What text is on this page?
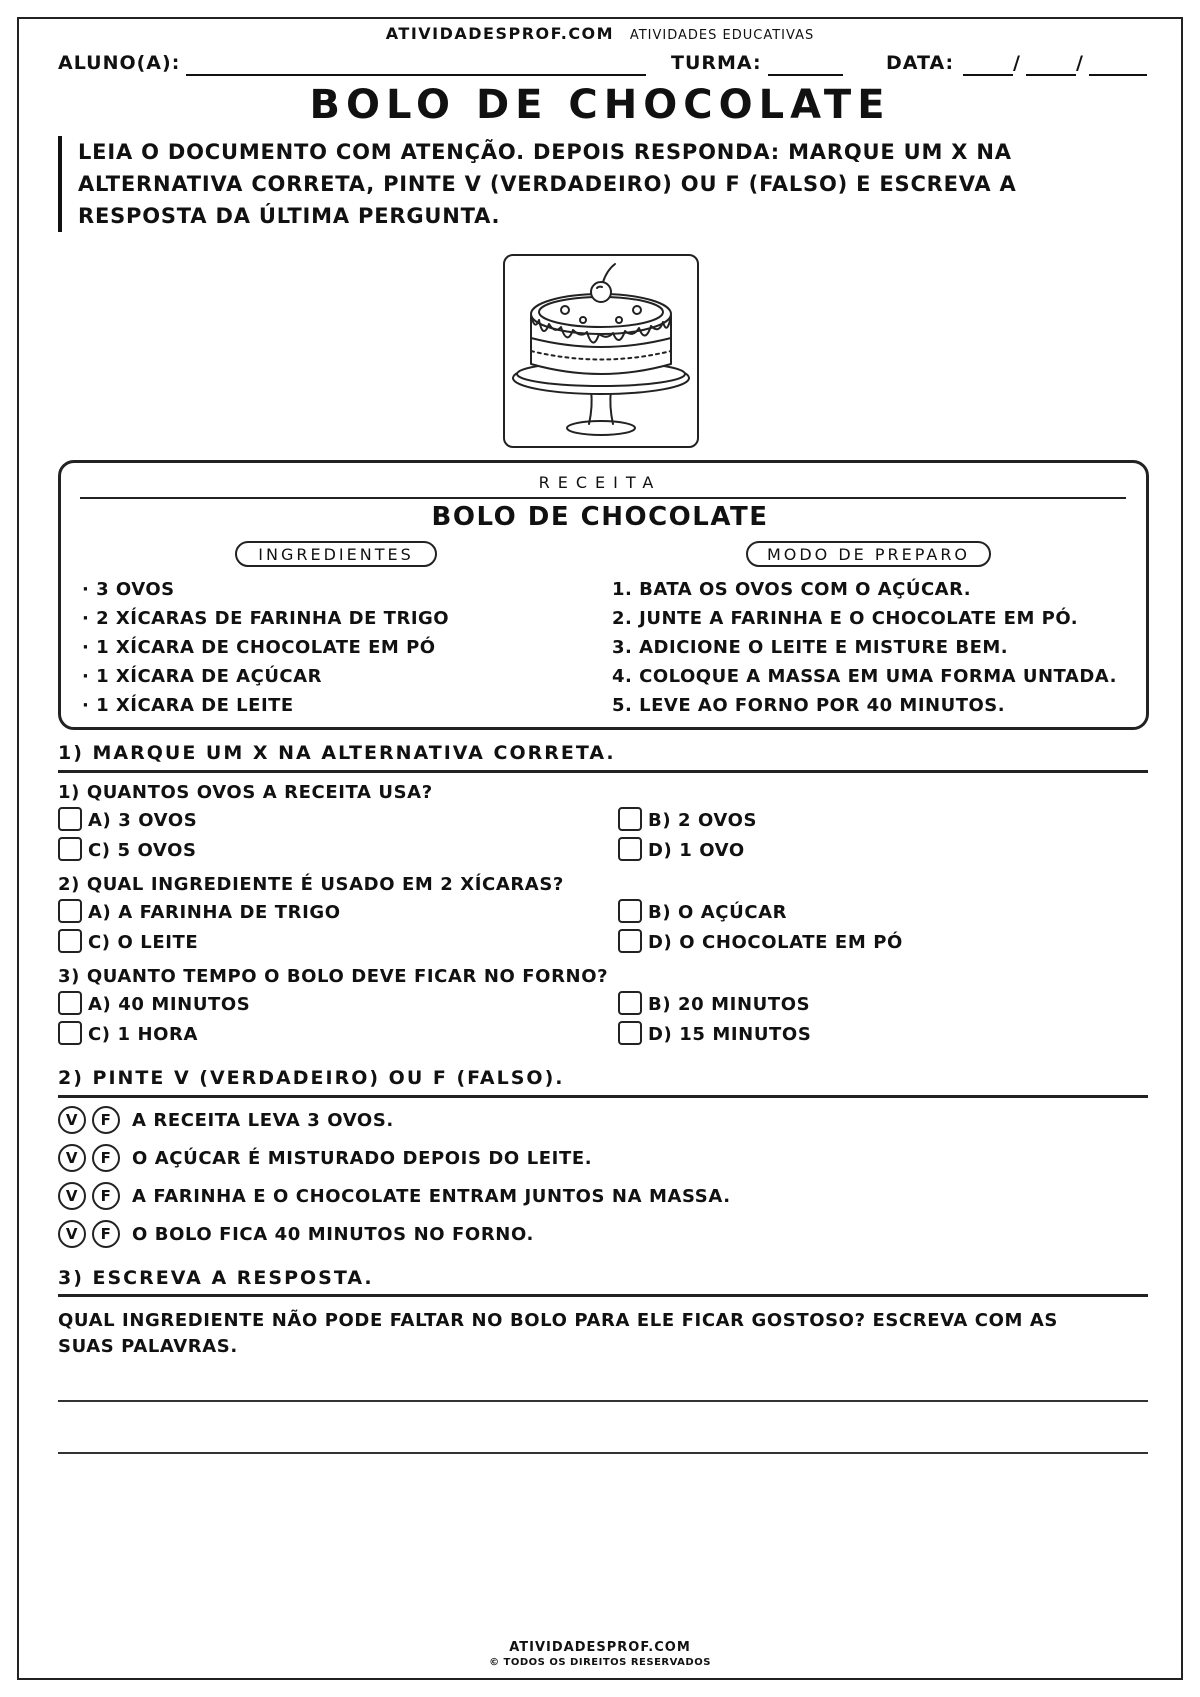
ATIVIDADESPROF.COM ATIVIDADES EDUCATIVAS
ALUNO(A):	TURMA:	DATA:	/	/
BOLO DE CHOCOLATE
LEIA O DOCUMENTO COM ATENÇÃO. DEPOIS RESPONDA: MARQUE UM X NA ALTERNATIVA CORRETA, PINTE V (VERDADEIRO) OU F (FALSO) E ESCREVA A RESPOSTA DA ÚLTIMA PERGUNTA.
RECEITA
BOLO DE CHOCOLATE
INGREDIENTES	MODO DE PREPARO
· 3 OVOS
· 2 XÍCARAS DE FARINHA DE TRIGO
· 1 XÍCARA DE CHOCOLATE EM PÓ
· 1 XÍCARA DE AÇÚCAR
· 1 XÍCARA DE LEITE
1. BATA OS OVOS COM O AÇÚCAR.
2. JUNTE A FARINHA E O CHOCOLATE EM PÓ.
3. ADICIONE O LEITE E MISTURE BEM.
4. COLOQUE A MASSA EM UMA FORMA UNTADA.
5. LEVE AO FORNO POR 40 MINUTOS.
1) MARQUE UM X NA ALTERNATIVA CORRETA.
1) QUANTOS OVOS A RECEITA USA?
A) 3 OVOS	B) 2 OVOS
C) 5 OVOS	D) 1 OVO
2) QUAL INGREDIENTE É USADO EM 2 XÍCARAS?
A) A FARINHA DE TRIGO	B) O AÇÚCAR
C) O LEITE	D) O CHOCOLATE EM PÓ
3) QUANTO TEMPO O BOLO DEVE FICAR NO FORNO?
A) 40 MINUTOS	B) 20 MINUTOS
C) 1 HORA	D) 15 MINUTOS
2) PINTE V (VERDADEIRO) OU F (FALSO).
V F A RECEITA LEVA 3 OVOS.
V F O AÇÚCAR É MISTURADO DEPOIS DO LEITE.
V F A FARINHA E O CHOCOLATE ENTRAM JUNTOS NA MASSA.
V F O BOLO FICA 40 MINUTOS NO FORNO.
3) ESCREVA A RESPOSTA.
QUAL INGREDIENTE NÃO PODE FALTAR NO BOLO PARA ELE FICAR GOSTOSO? ESCREVA COM AS SUAS PALAVRAS.
ATIVIDADESPROF.COM
© TODOS OS DIREITOS RESERVADOS
